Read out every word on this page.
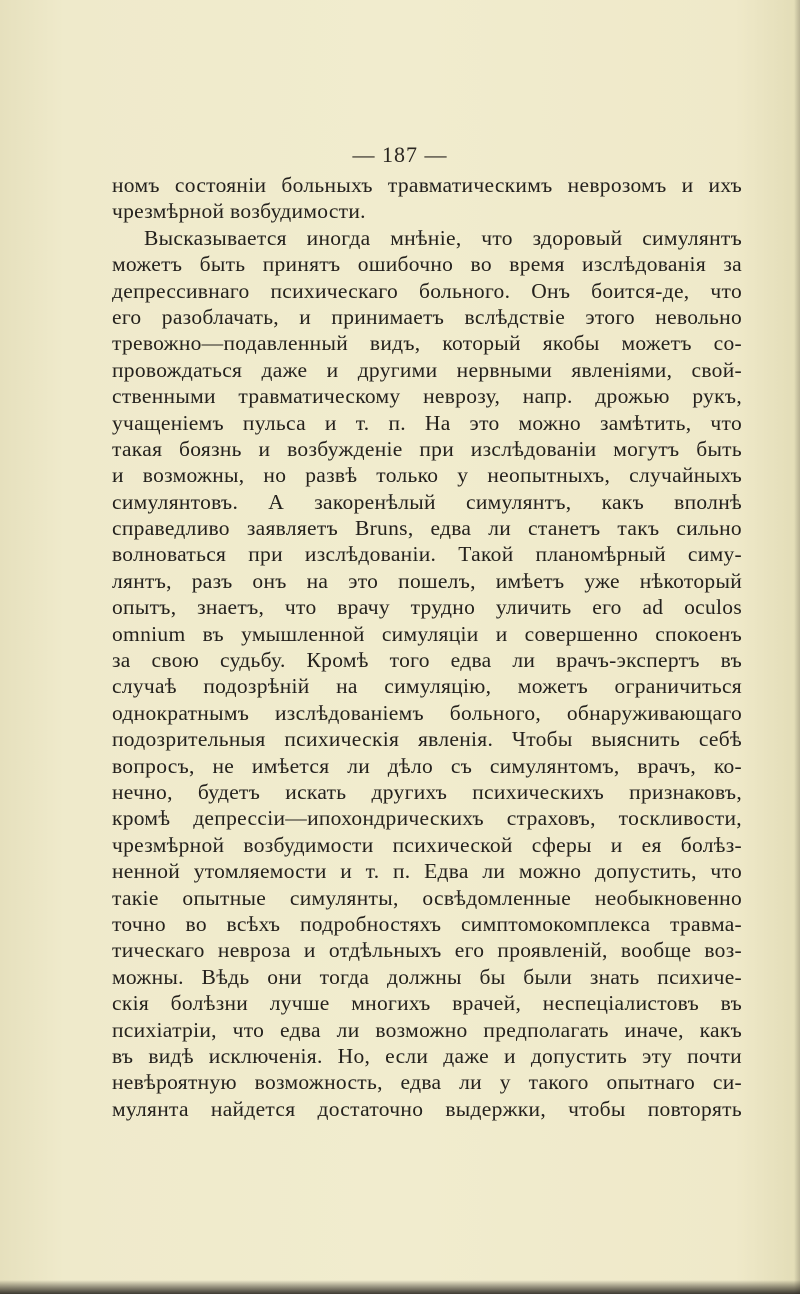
— 187 —
номъ состояніи больныхъ травматическимъ неврозомъ и ихъ
чрезмѣрной возбудимости.
Высказывается иногда мнѣніе, что здоровый симулянтъ
можетъ быть принятъ ошибочно во время изслѣдованія за
депрессивнаго психическаго больного. Онъ боится-де, что
его разоблачать, и принимаетъ вслѣдствіе этого невольно
тревожно—подавленный видъ, который якобы можетъ со-
провождаться даже и другими нервными явленіями, свой-
ственными травматическому неврозу, напр. дрожью рукъ,
учащеніемъ пульса и т. п. На это можно замѣтить, что
такая боязнь и возбужденіе при изслѣдованіи могутъ быть
и возможны, но развѣ только у неопытныхъ, случайныхъ
симулянтовъ. А закоренѣлый симулянтъ, какъ вполнѣ
справедливо заявляетъ Bruns, едва ли станетъ такъ сильно
волноваться при изслѣдованіи. Такой планомѣрный симу-
лянтъ, разъ онъ на это пошелъ, имѣетъ уже нѣкоторый
опытъ, знаетъ, что врачу трудно уличить его ad oculos
omnium въ умышленной симуляціи и совершенно спокоенъ
за свою судьбу. Кромѣ того едва ли врачъ-экспертъ въ
случаѣ подозрѣній на симуляцію, можетъ ограничиться
однократнымъ изслѣдованіемъ больного, обнаруживающаго
подозрительныя психическія явленія. Чтобы выяснить себѣ
вопросъ, не имѣется ли дѣло съ симулянтомъ, врачъ, ко-
нечно, будетъ искать другихъ психическихъ признаковъ,
кромѣ депрессіи—ипохондрическихъ страховъ, тоскливости,
чрезмѣрной возбудимости психической сферы и ея болѣз-
ненной утомляемости и т. п. Едва ли можно допустить, что
такіе опытные симулянты, освѣдомленные необыкновенно
точно во всѣхъ подробностяхъ симптомокомплекса травма-
тическаго невроза и отдѣльныхъ его проявленій, вообще воз-
можны. Вѣдь они тогда должны бы были знать психиче-
скія болѣзни лучше многихъ врачей, неспеціалистовъ въ
психіатріи, что едва ли возможно предполагать иначе, какъ
въ видѣ исключенія. Но, если даже и допустить эту почти
невѣроятную возможность, едва ли у такого опытнаго си-
мулянта найдется достаточно выдержки, чтобы повторять
